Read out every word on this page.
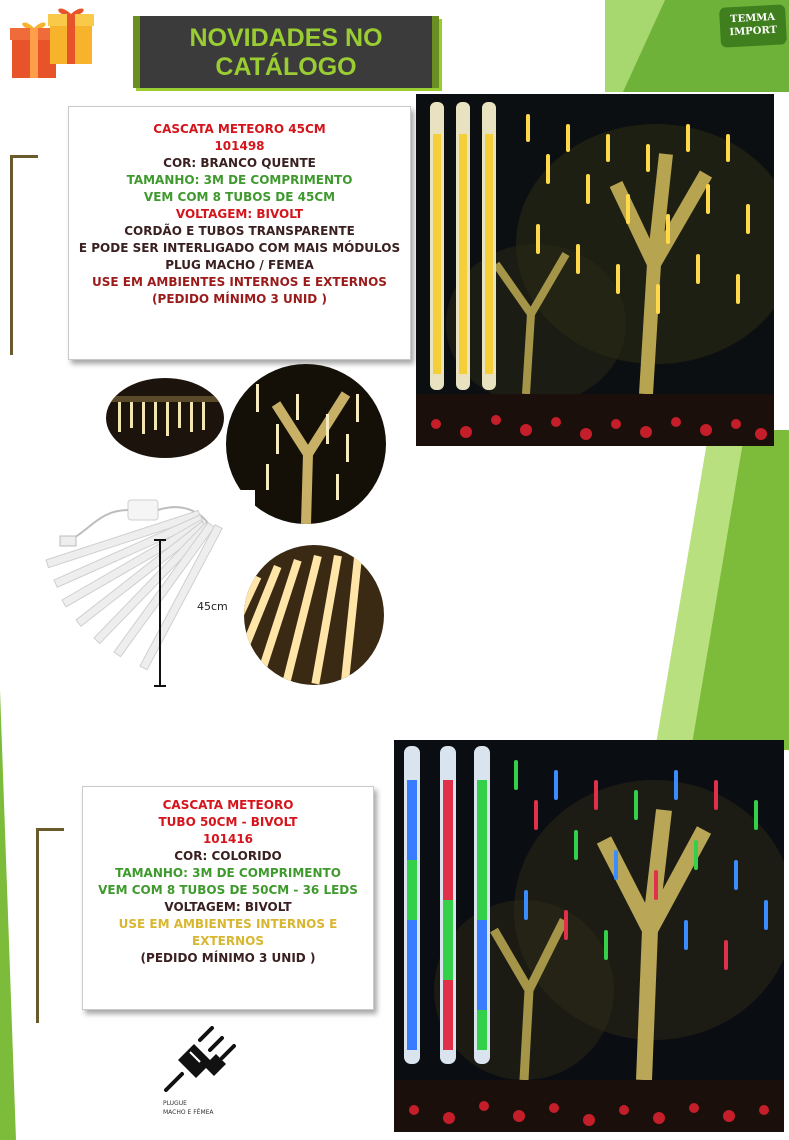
NOVIDADES NO
CATÁLOGO
TEMMA
IMPORT
CASCATA METEORO 45CM
101498
COR: BRANCO QUENTE
TAMANHO: 3M DE COMPRIMENTO
VEM COM 8 TUBOS DE 45CM
VOLTAGEM: BIVOLT
CORDÃO E TUBOS TRANSPARENTE
E PODE SER INTERLIGADO COM MAIS MÓDULOS
PLUG MACHO / FEMEA
USE EM AMBIENTES INTERNOS E EXTERNOS
(PEDIDO MÍNIMO 3 UNID )
45cm
CASCATA METEORO
TUBO 50CM - BIVOLT
101416
COR: COLORIDO
TAMANHO: 3M DE COMPRIMENTO
VEM COM 8 TUBOS DE 50CM - 36 LEDS
VOLTAGEM: BIVOLT
USE EM AMBIENTES INTERNOS E
EXTERNOS
(PEDIDO MÍNIMO 3 UNID )
PLUGUE
MACHO E FÊMEA
